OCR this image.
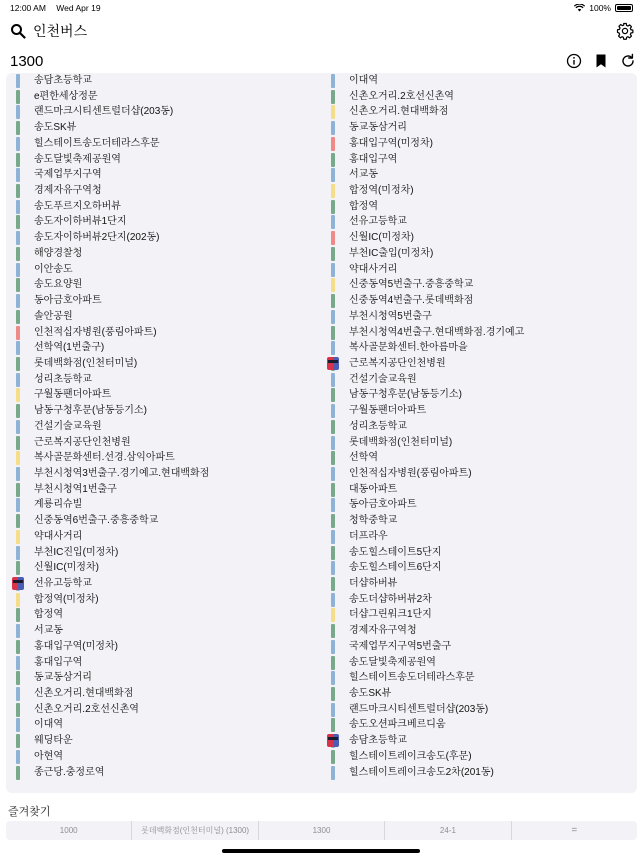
12:00 AM Wed Apr 19	100%
인천버스
1300
송담초등학교
e편한세상정문
랜드마크시티센트럴더샵(203동)
송도SK뷰
힐스테이트송도더테라스후문
송도달빛축제공원역
국제업무지구역
경제자유구역청
송도푸르지오하버뷰
송도자이하버뷰1단지
송도자이하버뷰2단지(202동)
해양경찰청
이안송도
송도요양원
동아금호아파트
솔안공원
인천적십자병원(풍림아파트)
선학역(1번출구)
롯데백화점(인천터미널)
성리초등학교
구월동팬더아파트
남동구청후문(남동등기소)
건설기술교육원
근로복지공단인천병원
복사골문화센터.선경.삼익아파트
부천시청역3번출구.경기예고.현대백화점
부천시청역1번출구
계룡리슈빌
신중동역6번출구.중흥중학교
약대사거리
부천IC진입(미정차)
신월IC(미정차)
선유고등학교
합정역(미정차)
합정역
서교동
홍대입구역(미정차)
홍대입구역
동교동삼거리
신촌오거리.현대백화점
신촌오거리.2호선신촌역
이대역
웨딩타운
아현역
종근당.충정로역
이대역
신촌오거리.2호선신촌역
신촌오거리.현대백화점
동교동삼거리
홍대입구역(미정차)
홍대입구역
서교동
합정역(미정차)
합정역
선유고등학교
신월IC(미정차)
부천IC출입(미정차)
약대사거리
신중동역5번출구.중흥중학교
신중동역4번출구.롯데백화점
부천시청역5번출구
부천시청역4번출구.현대백화점.경기예고
복사골문화센터.한아름마을
근로복지공단인천병원
건설기술교육원
남동구청후문(남동등기소)
구월동팬더아파트
성리초등학교
롯데백화점(인천터미널)
선학역
인천적십자병원(풍림아파트)
대동아파트
동아금호아파트
청학중학교
더프라우
송도힐스테이트5단지
송도힐스테이트6단지
더샵하버뷰
송도더샵하버뷰2차
더샵그린워크1단지
경제자유구역청
국제업무지구역5번출구
송도달빛축제공원역
힐스테이트송도더테라스후문
송도SK뷰
랜드마크시티센트럴더샵(203동)
송도오션파크베르디움
송담초등학교
힐스테이트레이크송도(후문)
힐스테이트레이크송도2차(201동)
즐겨찾기
1000	롯데백화점(인천터미널) (1300)	1300	24-1	=
